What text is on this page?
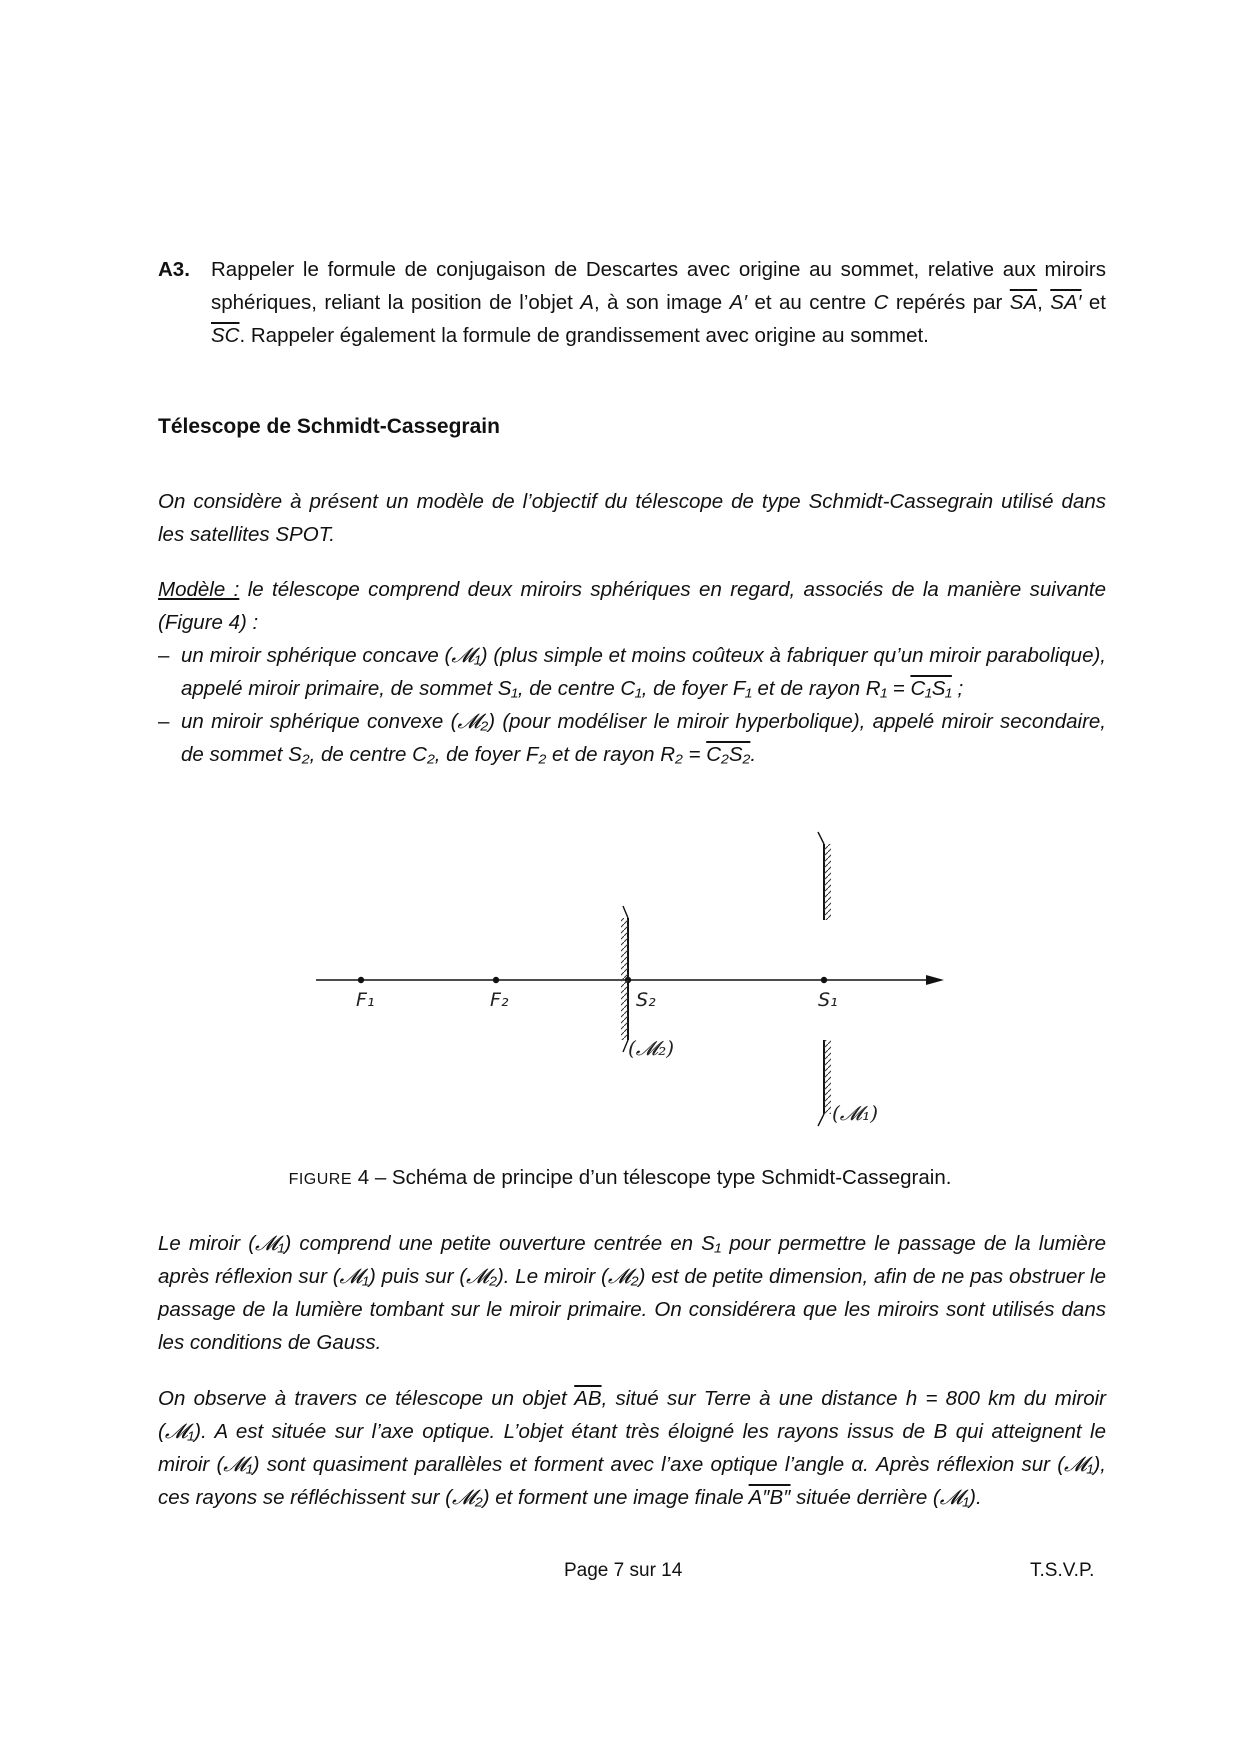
A3. Rappeler le formule de conjugaison de Descartes avec origine au sommet, relative aux miroirs sphériques, reliant la position de l’objet A, à son image A′ et au centre C repérés par $\overline{SA}$, SA′ et $\overline{SC}$. Rappeler également la formule de grandissement avec origine au sommet.
Télescope de Schmidt-Cassegrain
On considère à présent un modèle de l’objectif du télescope de type Schmidt-Cassegrain utilisé dans les satellites SPOT.
Modèle : le télescope comprend deux miroirs sphériques en regard, associés de la manière suivante (Figure 4) :
– un miroir sphérique concave (𝓜₁) (plus simple et moins coûteux à fabriquer qu’un miroir parabolique), appelé miroir primaire, de sommet S₁, de centre C₁, de foyer F₁ et de rayon R₁ = C₁S₁ ;
– un miroir sphérique convexe (𝓜₂) (pour modéliser le miroir hyperbolique), appelé miroir secondaire, de sommet S₂, de centre C₂, de foyer F₂ et de rayon R₂ = C₂S₂.
F₁	F₂	S₂	S₁
(𝓜₂)
(𝓜₁)
FIGURE 4 – Schéma de principe d’un télescope type Schmidt-Cassegrain.
Le miroir (𝓜₁) comprend une petite ouverture centrée en S₁ pour permettre le passage de la lumière après réflexion sur (𝓜₁) puis sur (𝓜₂). Le miroir (𝓜₂) est de petite dimension, afin de ne pas obstruer le passage de la lumière tombant sur le miroir primaire. On considérera que les miroirs sont utilisés dans les conditions de Gauss.
On observe à travers ce télescope un objet $\overline{AB}$, situé sur Terre à une distance h = 800 km du miroir (𝓜₁). A est située sur l’axe optique. L’objet étant très éloigné les rayons issus de B qui atteignent le miroir (𝓜₁) sont quasiment parallèles et forment avec l’axe optique l’angle α. Après réflexion sur (𝓜₁), ces rayons se réfléchissent sur (𝓜₂) et forment une image finale A″B″ située derrière (𝓜₁).
Page 7 sur 14	T.S.V.P.
